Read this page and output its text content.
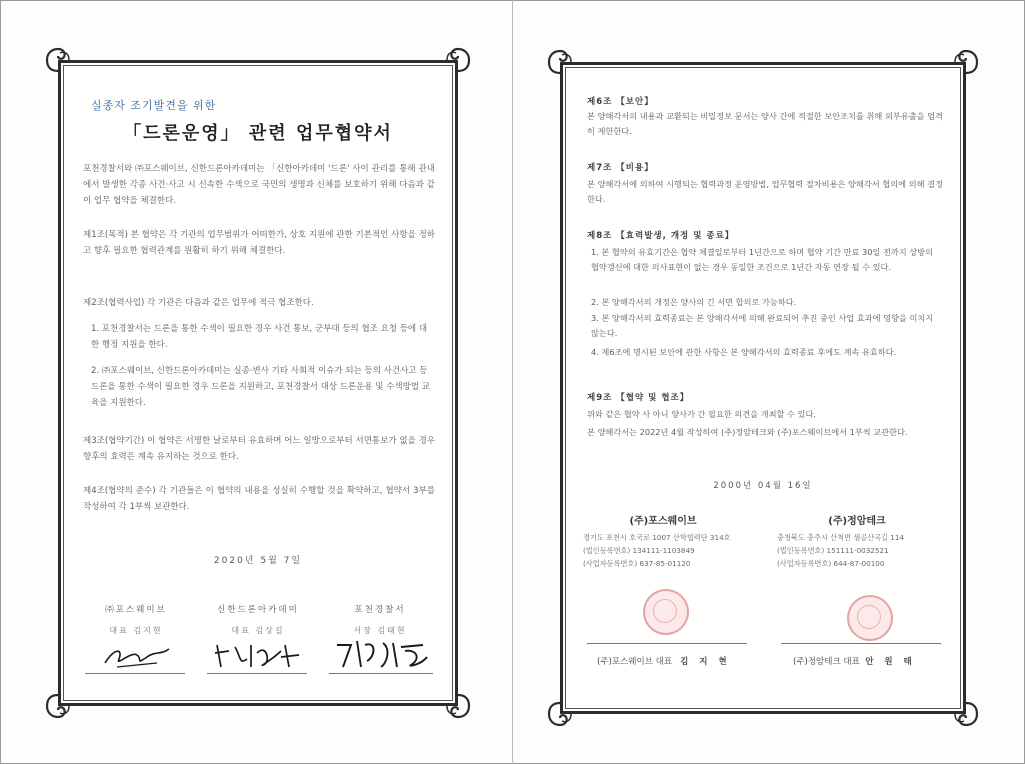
실종자 조기발견을 위한
「드론운영」 관련 업무협약서
포천경찰서와 ㈜포스웨이브, 신한드론아카데미는 「신한아카데미 '드론' 사이 관리를 통해 관내에서 발생한 각종 사건·사고 시 신속한 수색으로 국민의 생명과 신체를 보호하기 위해 다음과 같이 업무 협약을 체결한다.
제1조(목적) 본 협약은 각 기관의 업무범위가 어떠한가, 상호 지원에 관한 기본적인 사항을 정하고 향후 필요한 협력관계를 원활히 하기 위해 체결한다.
제2조(협력사업) 각 기관은 다음과 같은 업무에 적극 협조한다.
1. 포천경찰서는 드론을 통한 수색이 필요한 경우 사건 통보, 군부대 등의 협조 요청 등에 대한 행정 지원을 한다.
2. ㈜포스웨이브, 신한드론아카데미는 실종·변사 기타 사회적 이슈가 되는 등의 사건사고 등 드론을 통한 수색이 필요한 경우 드론을 지원하고, 포천경찰서 대상 드론운용 및 수색방법 교육을 지원한다.
제3조(협약기간) 이 협약은 서명한 날로부터 유효하며 어느 일방으로부터 서면통보가 없을 경우 향후의 효력은 계속 유지하는 것으로 한다.
제4조(협약의 준수) 각 기관들은 이 협약의 내용을 성실히 수행할 것을 확약하고, 협약서 3부를 작성하여 각 1부씩 보관한다.
2020년 5월 7일
㈜포스웨이브
대표 김지현
신한드론아카데미
대표 김상길
포천경찰서
서장 김태현
제6조 【보안】
본 양해각서의 내용과 교환되는 비밀정보 문서는 양사 간에 적절한 보안조치를 취해 외부유출을 엄격히 제한한다.
제7조 【비용】
본 양해각서에 의하여 시행되는 협력과정 운영방법, 업무협력 절차비용은 양해각서 협의에 의해 결정한다.
제8조 【효력발생, 개정 및 종료】
1. 본 협약의 유효기간은 협약 체결일로부터 1년간으로 하며 협약 기간 만료 30일 전까지 상방의 협약갱신에 대한 의사표현이 없는 경우 동일한 조건으로 1년간 자동 연장 될 수 있다.
2. 본 양해각서의 개정은 양사의 긴 서면 합의로 가능하다.
3. 본 양해각서의 효력종료는 본 양해각서에 의해 완료되어 추진 중인 사업 효과에 영향을 미치지 않는다.
4. 제6조에 명시된 보안에 관한 사항은 본 양해각서의 효력종료 후에도 계속 유효하다.
제9조 【협약 및 협조】
위와 같은 협약 사 아니 양사가 간 필요한 의견을 개최할 수 있다.
본 양해각서는 2022년 4월 작성하여 (주)정암테크와 (주)포스웨이브에서 1부씩 교관한다.
2000년 04월 16일
(주)포스웨이브
경기도 포천시 호국로 1007 산학협력단 314호
(법인등록번호) 134111-1103849
(사업자등록번호) 637-85-01120
(주)정암테크
충청북도 충주시 산척면 샘골산곡길 114
(법인등록번호) 151111-0032521
(사업자등록번호) 644-87-00100
(주)포스웨이브 대표 김 지 현	(주)정암테크 대표 안 원 태
